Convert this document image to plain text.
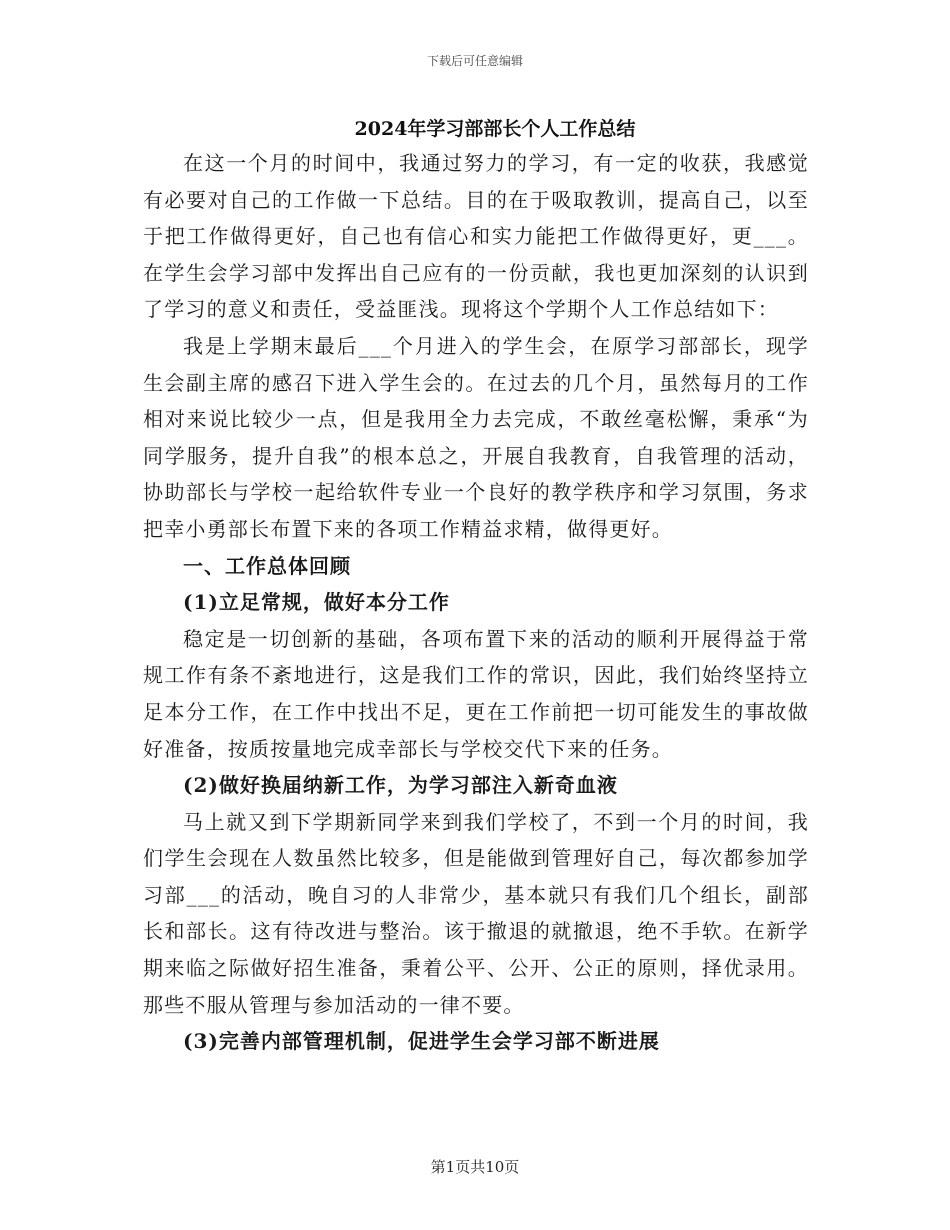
下载后可任意编辑
2024年学习部部长个人工作总结

在这一个月的时间中，我通过努力的学习，有一定的收获，我感觉有必要对自己的工作做一下总结。目的在于吸取教训，提高自己，以至于把工作做得更好，自己也有信心和实力能把工作做得更好，更___。在学生会学习部中发挥出自己应有的一份贡献，我也更加深刻的认识到了学习的意义和责任，受益匪浅。现将这个学期个人工作总结如下：

我是上学期末最后___个月进入的学生会，在原学习部部长，现学生会副主席的感召下进入学生会的。在过去的几个月，虽然每月的工作相对来说比较少一点，但是我用全力去完成，不敢丝毫松懈，秉承“为同学服务，提升自我”的根本总之，开展自我教育，自我管理的活动，协助部长与学校一起给软件专业一个良好的教学秩序和学习氛围，务求把幸小勇部长布置下来的各项工作精益求精，做得更好。

一、工作总体回顾
(1)立足常规，做好本分工作

稳定是一切创新的基础，各项布置下来的活动的顺利开展得益于常规工作有条不紊地进行，这是我们工作的常识，因此，我们始终坚持立足本分工作，在工作中找出不足，更在工作前把一切可能发生的事故做好准备，按质按量地完成幸部长与学校交代下来的任务。

(2)做好换届纳新工作，为学习部注入新奇血液

马上就又到下学期新同学来到我们学校了，不到一个月的时间，我们学生会现在人数虽然比较多，但是能做到管理好自己，每次都参加学习部___的活动，晚自习的人非常少，基本就只有我们几个组长，副部长和部长。这有待改进与整治。该于撤退的就撤退，绝不手软。在新学期来临之际做好招生准备，秉着公平、公开、公正的原则，择优录用。那些不服从管理与参加活动的一律不要。

(3)完善内部管理机制，促进学生会学习部不断进展
第1页共10页
